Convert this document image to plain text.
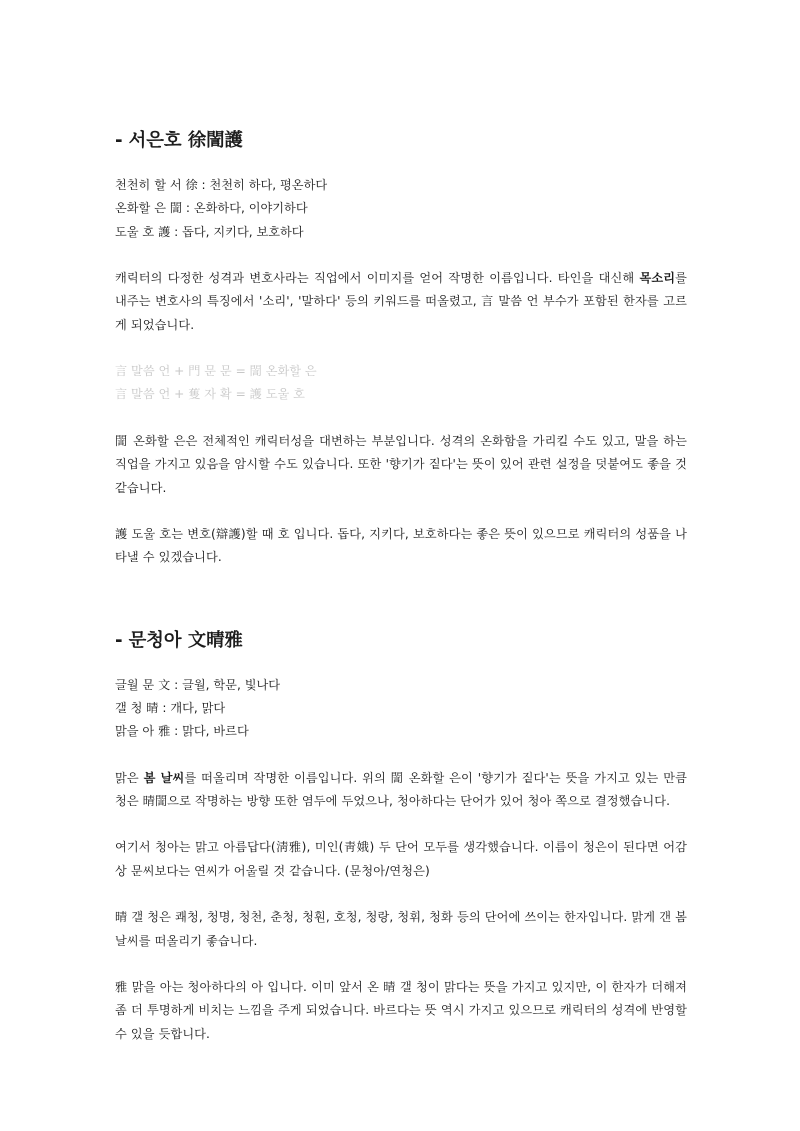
- 서은호 徐誾護

천천히 할 서 徐 : 천천히 하다, 평온하다

온화할 은 誾 : 온화하다, 이야기하다

도울 호 護 : 돕다, 지키다, 보호하다

캐릭터의 다정한 성격과 변호사라는 직업에서 이미지를 얻어 작명한 이름입니다. 타인을 대신해 목소리를 내주는 변호사의 특징에서 '소리', '말하다' 등의 키워드를 떠올렸고, 言 말씀 언 부수가 포함된 한자를 고르게 되었습니다.

言 말씀 언 + 門 문 문 = 誾 온화할 은

言 말씀 언 + 蒦 자 확 = 護 도울 호

誾 온화할 은은 전체적인 캐릭터성을 대변하는 부분입니다. 성격의 온화함을 가리킬 수도 있고, 말을 하는 직업을 가지고 있음을 암시할 수도 있습니다. 또한 '향기가 짙다'는 뜻이 있어 관련 설정을 덧붙여도 좋을 것 같습니다.

護 도울 호는 변호(辯護)할 때 호 입니다. 돕다, 지키다, 보호하다는 좋은 뜻이 있으므로 캐릭터의 성품을 나타낼 수 있겠습니다.

- 문청아 文晴雅

글월 문 文 : 글월, 학문, 빛나다

갤 청 晴 : 개다, 맑다

맑을 아 雅 : 맑다, 바르다

맑은 봄 날씨를 떠올리며 작명한 이름입니다. 위의 誾 온화할 은이 '향기가 짙다'는 뜻을 가지고 있는 만큼 청은 晴誾으로 작명하는 방향 또한 염두에 두었으나, 청아하다는 단어가 있어 청아 쪽으로 결정했습니다.

여기서 청아는 맑고 아름답다(淸雅), 미인(靑娥) 두 단어 모두를 생각했습니다. 이름이 청은이 된다면 어감상 문씨보다는 연씨가 어울릴 것 같습니다. (문청아/연청은)

晴 갤 청은 쾌청, 청명, 청천, 춘청, 청훤, 호청, 청랑, 청휘, 청화 등의 단어에 쓰이는 한자입니다. 맑게 갠 봄 날씨를 떠올리기 좋습니다.

雅 맑을 아는 청아하다의 아 입니다. 이미 앞서 온 晴 갤 청이 맑다는 뜻을 가지고 있지만, 이 한자가 더해져 좀 더 투명하게 비치는 느낌을 주게 되었습니다. 바르다는 뜻 역시 가지고 있으므로 캐릭터의 성격에 반영할 수 있을 듯합니다.
